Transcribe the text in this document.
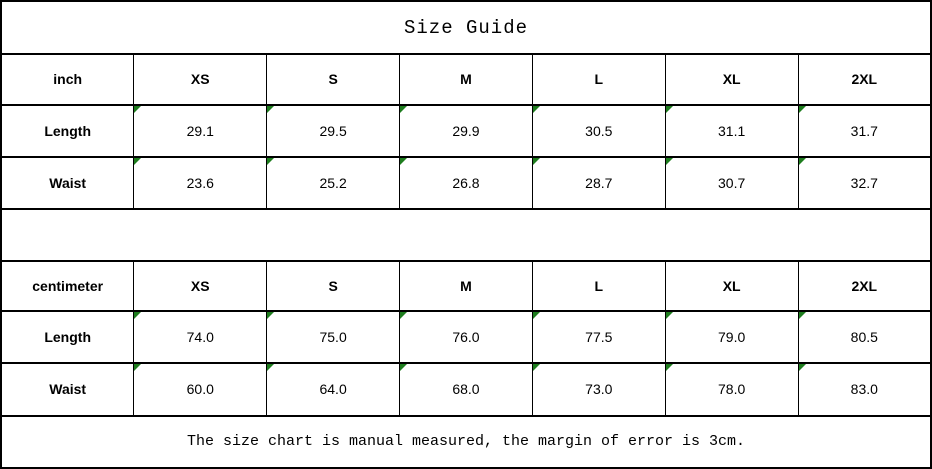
Size Guide						
inch	XS	S	M	L	XL	2XL
Length	29.1	29.5	29.9	30.5	31.1	31.7
Waist	23.6	25.2	26.8	28.7	30.7	32.7

centimeter	XS	S	M	L	XL	2XL
Length	74.0	75.0	76.0	77.5	79.0	80.5
Waist	60.0	64.0	68.0	73.0	78.0	83.0
The size chart is manual measured, the margin of error is 3cm.						
